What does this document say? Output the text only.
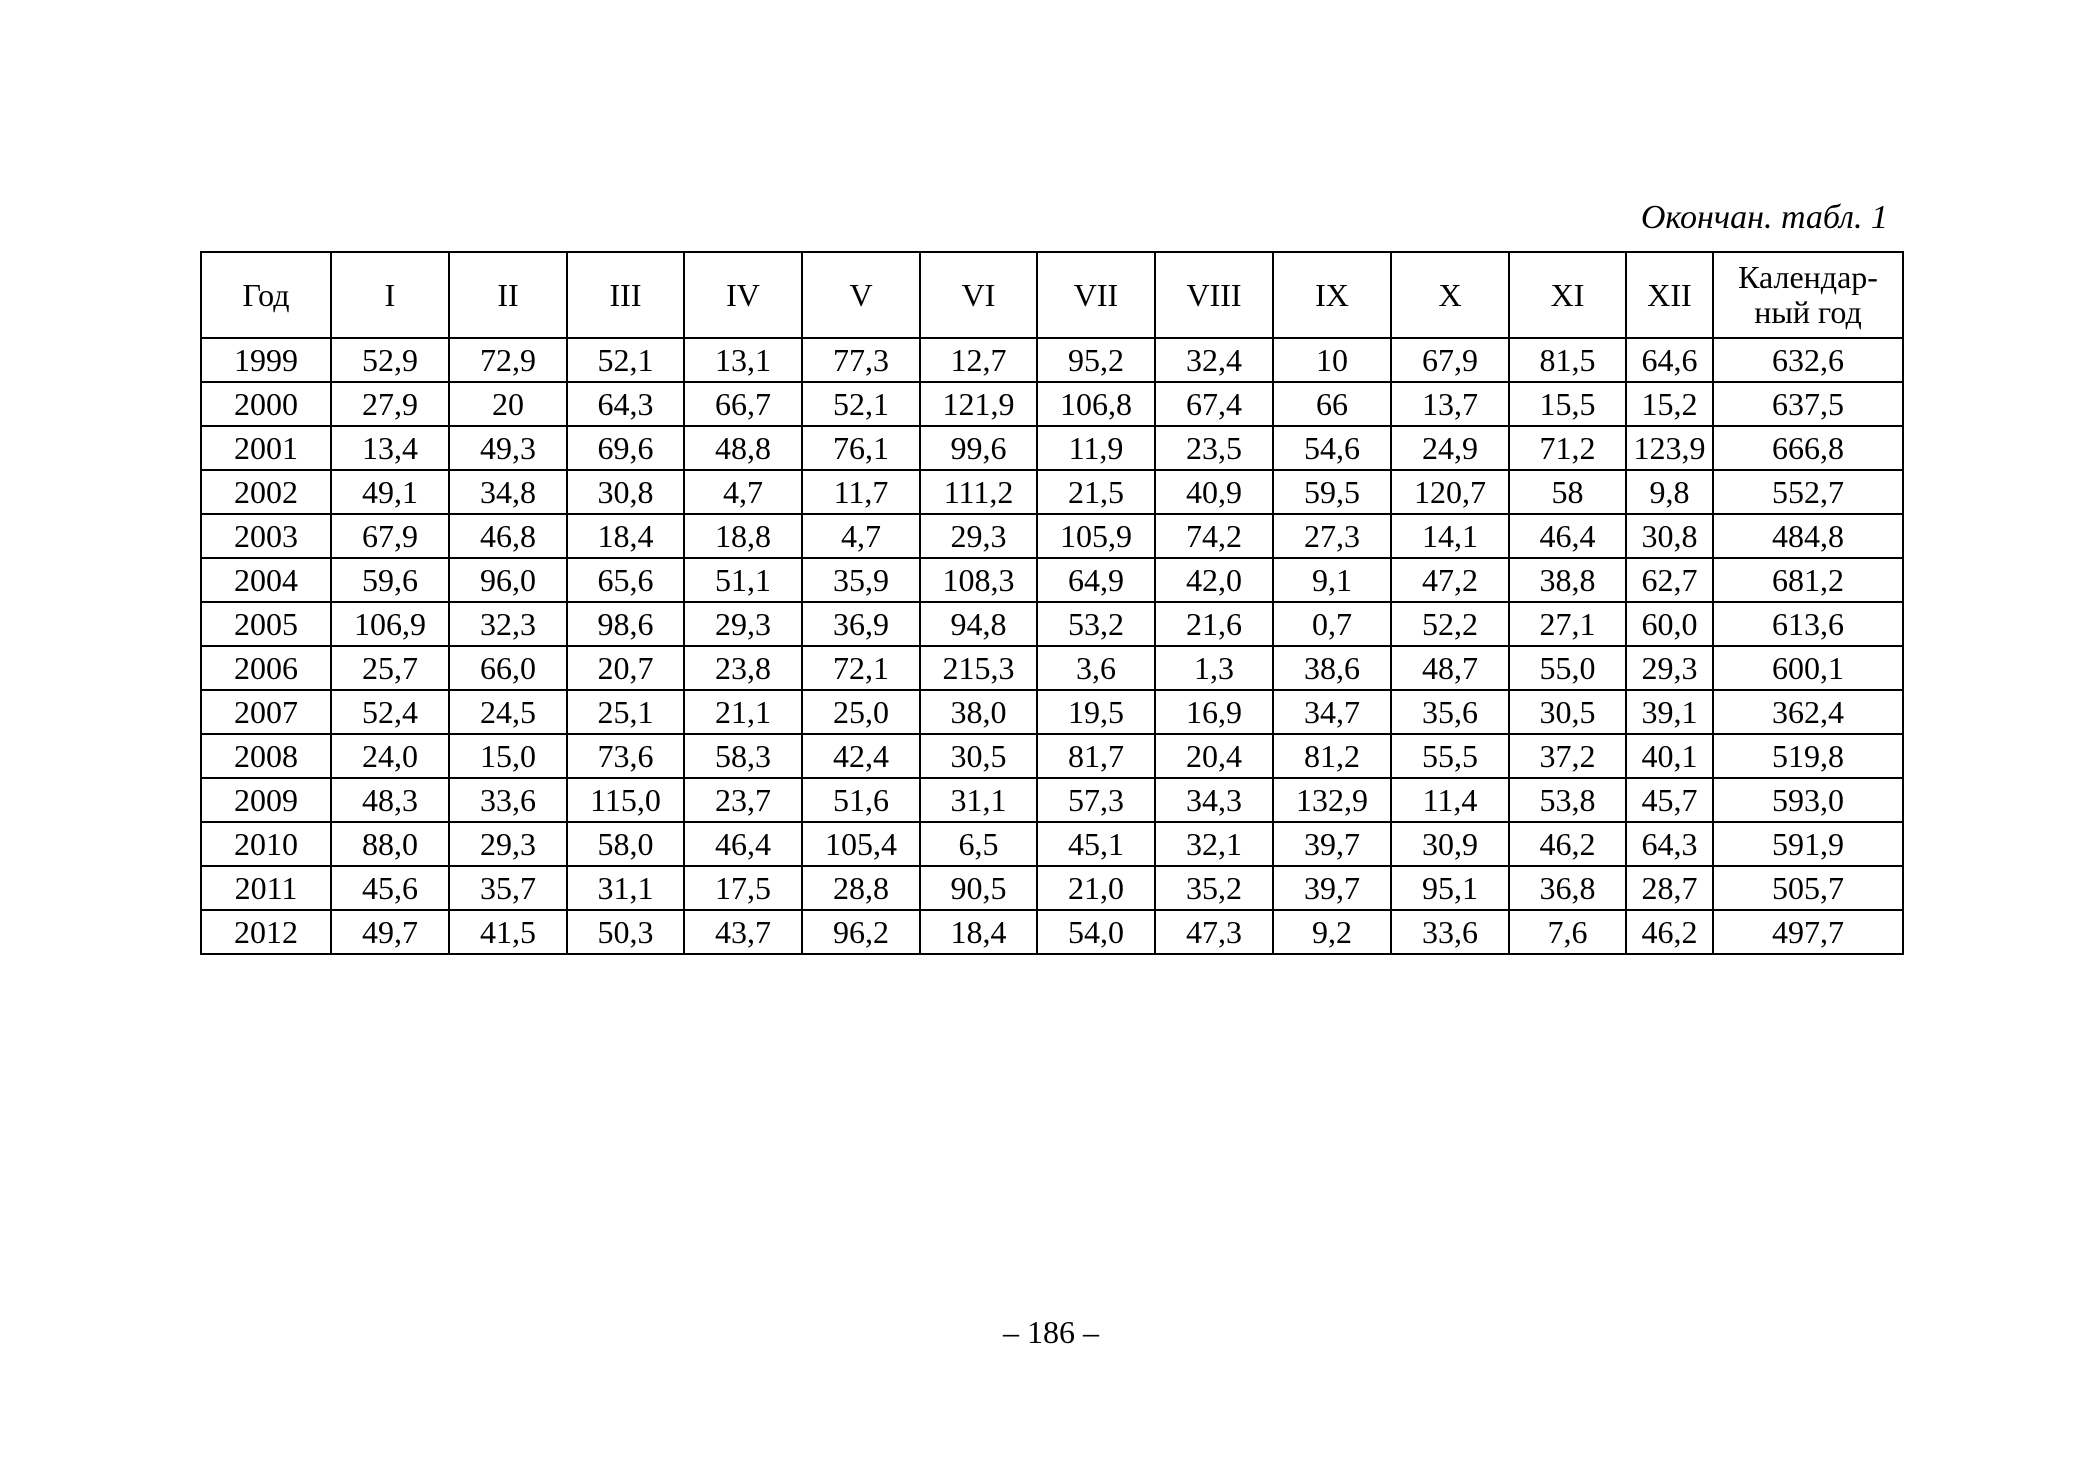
Окончан. табл. 1
Год	I	II	III	IV	V	VI	VII	VIII	IX	X	XI	XII	Календар-
ный год

1999	52,9	72,9	52,1	13,1	77,3	12,7	95,2	32,4	10	67,9	81,5	64,6	632,6
2000	27,9	20	64,3	66,7	52,1	121,9	106,8	67,4	66	13,7	15,5	15,2	637,5
2001	13,4	49,3	69,6	48,8	76,1	99,6	11,9	23,5	54,6	24,9	71,2	123,9	666,8
2002	49,1	34,8	30,8	4,7	11,7	111,2	21,5	40,9	59,5	120,7	58	9,8	552,7
2003	67,9	46,8	18,4	18,8	4,7	29,3	105,9	74,2	27,3	14,1	46,4	30,8	484,8
2004	59,6	96,0	65,6	51,1	35,9	108,3	64,9	42,0	9,1	47,2	38,8	62,7	681,2
2005	106,9	32,3	98,6	29,3	36,9	94,8	53,2	21,6	0,7	52,2	27,1	60,0	613,6
2006	25,7	66,0	20,7	23,8	72,1	215,3	3,6	1,3	38,6	48,7	55,0	29,3	600,1
2007	52,4	24,5	25,1	21,1	25,0	38,0	19,5	16,9	34,7	35,6	30,5	39,1	362,4
2008	24,0	15,0	73,6	58,3	42,4	30,5	81,7	20,4	81,2	55,5	37,2	40,1	519,8
2009	48,3	33,6	115,0	23,7	51,6	31,1	57,3	34,3	132,9	11,4	53,8	45,7	593,0
2010	88,0	29,3	58,0	46,4	105,4	6,5	45,1	32,1	39,7	30,9	46,2	64,3	591,9
2011	45,6	35,7	31,1	17,5	28,8	90,5	21,0	35,2	39,7	95,1	36,8	28,7	505,7
2012	49,7	41,5	50,3	43,7	96,2	18,4	54,0	47,3	9,2	33,6	7,6	46,2	497,7
– 186 –
